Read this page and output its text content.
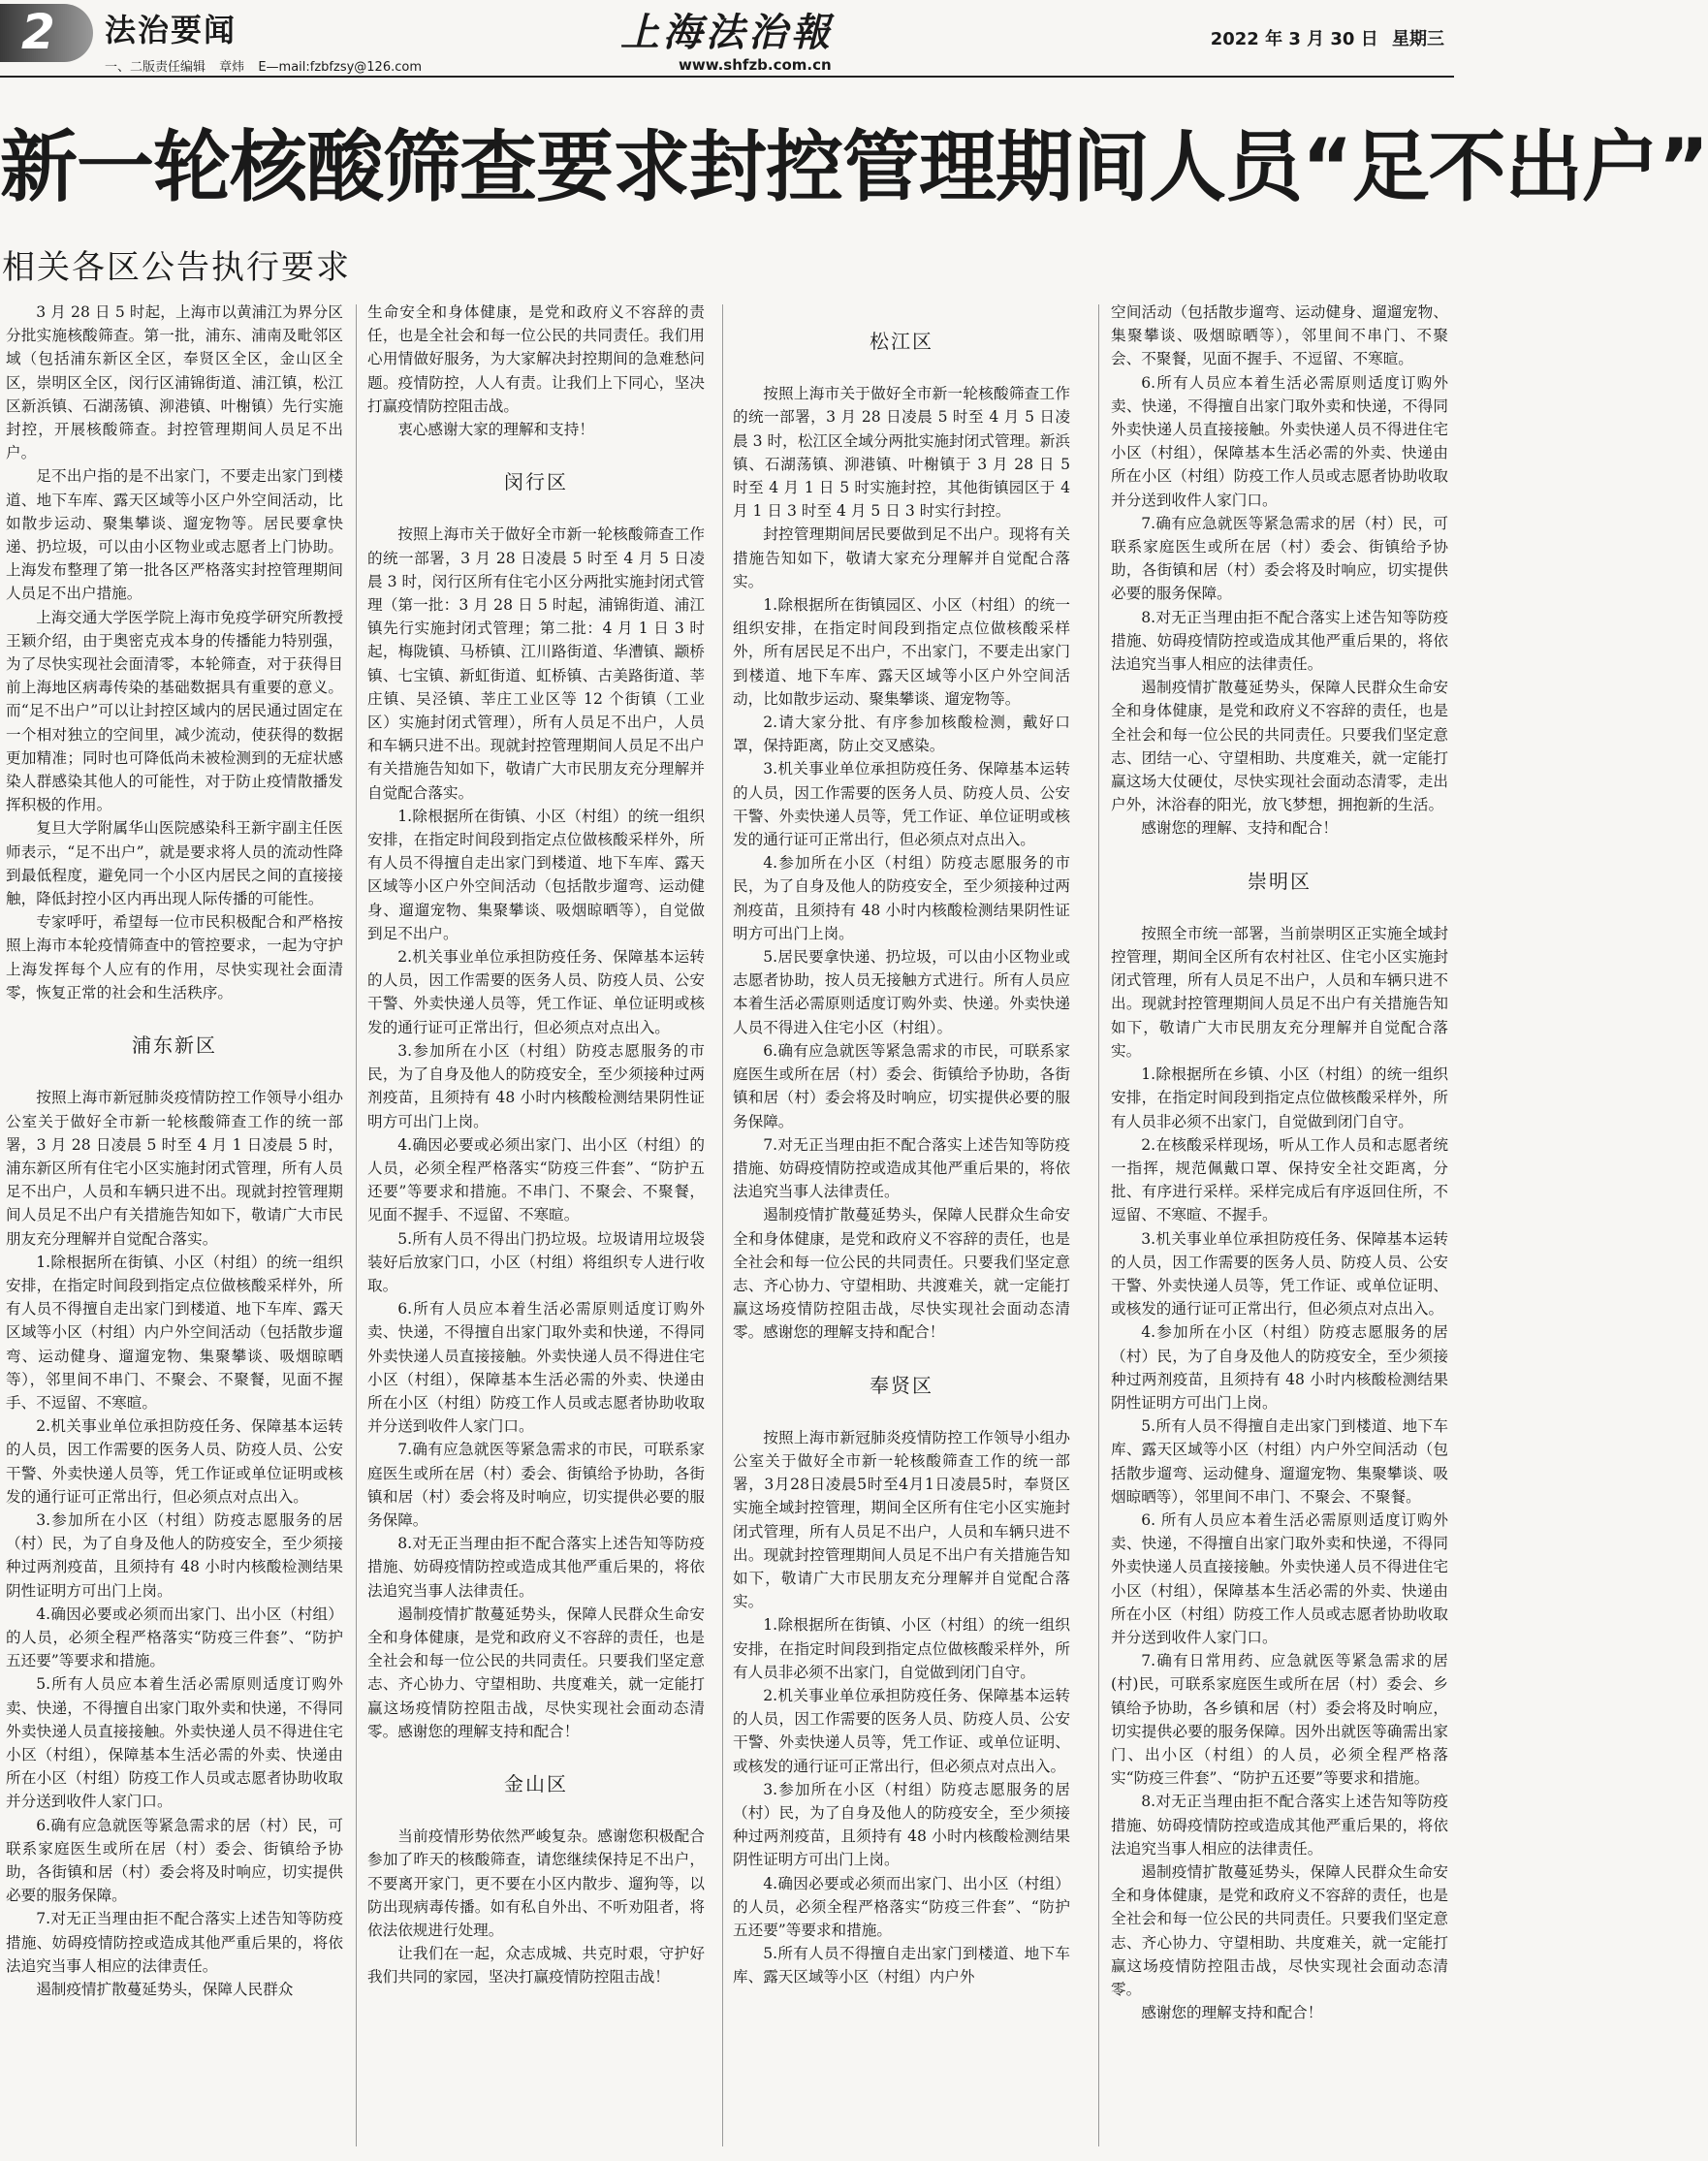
2 法治要闻
一、二版责任编辑 章炜 E—mail:fzbfzsy@126.com
上海法治報
www.shfzb.com.cn
2022 年 3 月 30 日 星期三
新一轮核酸筛查要求封控管理期间人员“足不出户”
相关各区公告执行要求

3 月 28 日 5 时起，上海市以黄浦江为界分区分批实施核酸筛查。第一批，浦东、浦南及毗邻区域（包括浦东新区全区，奉贤区全区，金山区全区，崇明区全区，闵行区浦锦街道、浦江镇，松江区新浜镇、石湖荡镇、泖港镇、叶榭镇）先行实施封控，开展核酸筛查。封控管理期间人员足不出户。

足不出户指的是不出家门，不要走出家门到楼道、地下车库、露天区域等小区户外空间活动，比如散步运动、聚集攀谈、遛宠物等。居民要拿快递、扔垃圾，可以由小区物业或志愿者上门协助。上海发布整理了第一批各区严格落实封控管理期间人员足不出户措施。

上海交通大学医学院上海市免疫学研究所教授王颖介绍，由于奥密克戎本身的传播能力特别强，为了尽快实现社会面清零，本轮筛查，对于获得目前上海地区病毒传染的基础数据具有重要的意义。而“足不出户”可以让封控区域内的居民通过固定在一个相对独立的空间里，减少流动，使获得的数据更加精准；同时也可降低尚未被检测到的无症状感染人群感染其他人的可能性，对于防止疫情散播发挥积极的作用。

复旦大学附属华山医院感染科王新宇副主任医师表示，“足不出户”，就是要求将人员的流动性降到最低程度，避免同一个小区内居民之间的直接接触，降低封控小区内再出现人际传播的可能性。

专家呼吁，希望每一位市民积极配合和严格按照上海市本轮疫情筛查中的管控要求，一起为守护上海发挥每个人应有的作用，尽快实现社会面清零，恢复正常的社会和生活秩序。

浦东新区

按照上海市新冠肺炎疫情防控工作领导小组办公室关于做好全市新一轮核酸筛查工作的统一部署，3 月 28 日凌晨 5 时至 4 月 1 日凌晨 5 时，浦东新区所有住宅小区实施封闭式管理，所有人员足不出户，人员和车辆只进不出。现就封控管理期间人员足不出户有关措施告知如下，敬请广大市民朋友充分理解并自觉配合落实。

1.除根据所在街镇、小区（村组）的统一组织安排，在指定时间段到指定点位做核酸采样外，所有人员不得擅自走出家门到楼道、地下车库、露天区域等小区（村组）内户外空间活动（包括散步遛弯、运动健身、遛遛宠物、集聚攀谈、吸烟晾晒等），邻里间不串门、不聚会、不聚餐，见面不握手、不逗留、不寒暄。

2.机关事业单位承担防疫任务、保障基本运转的人员，因工作需要的医务人员、防疫人员、公安干警、外卖快递人员等，凭工作证或单位证明或核发的通行证可正常出行，但必须点对点出入。

3.参加所在小区（村组）防疫志愿服务的居（村）民，为了自身及他人的防疫安全，至少须接种过两剂疫苗，且须持有 48 小时内核酸检测结果阴性证明方可出门上岗。

4.确因必要或必须而出家门、出小区（村组）的人员，必须全程严格落实“防疫三件套”、“防护五还要”等要求和措施。

5.所有人员应本着生活必需原则适度订购外卖、快递，不得擅自出家门取外卖和快递，不得同外卖快递人员直接接触。外卖快递人员不得进住宅小区（村组），保障基本生活必需的外卖、快递由所在小区（村组）防疫工作人员或志愿者协助收取并分送到收件人家门口。

6.确有应急就医等紧急需求的居（村）民，可联系家庭医生或所在居（村）委会、街镇给予协助，各街镇和居（村）委会将及时响应，切实提供必要的服务保障。

7.对无正当理由拒不配合落实上述告知等防疫措施、妨碍疫情防控或造成其他严重后果的，将依法追究当事人相应的法律责任。

遏制疫情扩散蔓延势头，保障人民群众

生命安全和身体健康，是党和政府义不容辞的责任，也是全社会和每一位公民的共同责任。我们用心用情做好服务，为大家解决封控期间的急难愁问题。疫情防控，人人有责。让我们上下同心，坚决打赢疫情防控阻击战。

衷心感谢大家的理解和支持！

闵行区

按照上海市关于做好全市新一轮核酸筛查工作的统一部署，3 月 28 日凌晨 5 时至 4 月 5 日凌晨 3 时，闵行区所有住宅小区分两批实施封闭式管理（第一批：3 月 28 日 5 时起，浦锦街道、浦江镇先行实施封闭式管理；第二批：4 月 1 日 3 时起，梅陇镇、马桥镇、江川路街道、华漕镇、颛桥镇、七宝镇、新虹街道、虹桥镇、古美路街道、莘庄镇、吴泾镇、莘庄工业区等 12 个街镇（工业区）实施封闭式管理），所有人员足不出户，人员和车辆只进不出。现就封控管理期间人员足不出户有关措施告知如下，敬请广大市民朋友充分理解并自觉配合落实。

1.除根据所在街镇、小区（村组）的统一组织安排，在指定时间段到指定点位做核酸采样外，所有人员不得擅自走出家门到楼道、地下车库、露天区域等小区户外空间活动（包括散步遛弯、运动健身、遛遛宠物、集聚攀谈、吸烟晾晒等），自觉做到足不出户。

2.机关事业单位承担防疫任务、保障基本运转的人员，因工作需要的医务人员、防疫人员、公安干警、外卖快递人员等，凭工作证、单位证明或核发的通行证可正常出行，但必须点对点出入。

3.参加所在小区（村组）防疫志愿服务的市民，为了自身及他人的防疫安全，至少须接种过两剂疫苗，且须持有 48 小时内核酸检测结果阴性证明方可出门上岗。

4.确因必要或必须出家门、出小区（村组）的人员，必须全程严格落实“防疫三件套”、“防护五还要”等要求和措施。不串门、不聚会、不聚餐，见面不握手、不逗留、不寒暄。

5.所有人员不得出门扔垃圾。垃圾请用垃圾袋装好后放家门口，小区（村组）将组织专人进行收取。

6.所有人员应本着生活必需原则适度订购外卖、快递，不得擅自出家门取外卖和快递，不得同外卖快递人员直接接触。外卖快递人员不得进住宅小区（村组），保障基本生活必需的外卖、快递由所在小区（村组）防疫工作人员或志愿者协助收取并分送到收件人家门口。

7.确有应急就医等紧急需求的市民，可联系家庭医生或所在居（村）委会、街镇给予协助，各街镇和居（村）委会将及时响应，切实提供必要的服务保障。

8.对无正当理由拒不配合落实上述告知等防疫措施、妨碍疫情防控或造成其他严重后果的，将依法追究当事人法律责任。

遏制疫情扩散蔓延势头，保障人民群众生命安全和身体健康，是党和政府义不容辞的责任，也是全社会和每一位公民的共同责任。只要我们坚定意志、齐心协力、守望相助、共度难关，就一定能打赢这场疫情防控阻击战，尽快实现社会面动态清零。感谢您的理解支持和配合！

金山区

当前疫情形势依然严峻复杂。感谢您积极配合参加了昨天的核酸筛查，请您继续保持足不出户，不要离开家门，更不要在小区内散步、遛狗等，以防出现病毒传播。如有私自外出、不听劝阻者，将依法依规进行处理。

让我们在一起，众志成城、共克时艰，守护好我们共同的家园，坚决打赢疫情防控阻击战！

松江区

按照上海市关于做好全市新一轮核酸筛查工作的统一部署，3 月 28 日凌晨 5 时至 4 月 5 日凌晨 3 时，松江区全域分两批实施封闭式管理。新浜镇、石湖荡镇、泖港镇、叶榭镇于 3 月 28 日 5 时至 4 月 1 日 5 时实施封控，其他街镇园区于 4 月 1 日 3 时至 4 月 5 日 3 时实行封控。

封控管理期间居民要做到足不出户。现将有关措施告知如下，敬请大家充分理解并自觉配合落实。

1.除根据所在街镇园区、小区（村组）的统一组织安排，在指定时间段到指定点位做核酸采样外，所有居民足不出户，不出家门，不要走出家门到楼道、地下车库、露天区域等小区户外空间活动，比如散步运动、聚集攀谈、遛宠物等。

2.请大家分批、有序参加核酸检测，戴好口罩，保持距离，防止交叉感染。

3.机关事业单位承担防疫任务、保障基本运转的人员，因工作需要的医务人员、防疫人员、公安干警、外卖快递人员等，凭工作证、单位证明或核发的通行证可正常出行，但必须点对点出入。

4.参加所在小区（村组）防疫志愿服务的市民，为了自身及他人的防疫安全，至少须接种过两剂疫苗，且须持有 48 小时内核酸检测结果阴性证明方可出门上岗。

5.居民要拿快递、扔垃圾，可以由小区物业或志愿者协助，按人员无接触方式进行。所有人员应本着生活必需原则适度订购外卖、快递。外卖快递人员不得进入住宅小区（村组）。

6.确有应急就医等紧急需求的市民，可联系家庭医生或所在居（村）委会、街镇给予协助，各街镇和居（村）委会将及时响应，切实提供必要的服务保障。

7.对无正当理由拒不配合落实上述告知等防疫措施、妨碍疫情防控或造成其他严重后果的，将依法追究当事人法律责任。

遏制疫情扩散蔓延势头，保障人民群众生命安全和身体健康，是党和政府义不容辞的责任，也是全社会和每一位公民的共同责任。只要我们坚定意志、齐心协力、守望相助、共渡难关，就一定能打赢这场疫情防控阻击战，尽快实现社会面动态清零。感谢您的理解支持和配合！

奉贤区

按照上海市新冠肺炎疫情防控工作领导小组办公室关于做好全市新一轮核酸筛查工作的统一部署，3月28日凌晨5时至4月1日凌晨5时，奉贤区实施全域封控管理，期间全区所有住宅小区实施封闭式管理，所有人员足不出户，人员和车辆只进不出。现就封控管理期间人员足不出户有关措施告知如下，敬请广大市民朋友充分理解并自觉配合落实。

1.除根据所在街镇、小区（村组）的统一组织安排，在指定时间段到指定点位做核酸采样外，所有人员非必须不出家门，自觉做到闭门自守。

2.机关事业单位承担防疫任务、保障基本运转的人员，因工作需要的医务人员、防疫人员、公安干警、外卖快递人员等，凭工作证、或单位证明、或核发的通行证可正常出行，但必须点对点出入。

3.参加所在小区（村组）防疫志愿服务的居（村）民，为了自身及他人的防疫安全，至少须接种过两剂疫苗，且须持有 48 小时内核酸检测结果阴性证明方可出门上岗。

4.确因必要或必须而出家门、出小区（村组）的人员，必须全程严格落实“防疫三件套”、“防护五还要”等要求和措施。

5.所有人员不得擅自走出家门到楼道、地下车库、露天区域等小区（村组）内户外

空间活动（包括散步遛弯、运动健身、遛遛宠物、集聚攀谈、吸烟晾晒等），邻里间不串门、不聚会、不聚餐，见面不握手、不逗留、不寒暄。

6.所有人员应本着生活必需原则适度订购外卖、快递，不得擅自出家门取外卖和快递，不得同外卖快递人员直接接触。外卖快递人员不得进住宅小区（村组），保障基本生活必需的外卖、快递由所在小区（村组）防疫工作人员或志愿者协助收取并分送到收件人家门口。

7.确有应急就医等紧急需求的居（村）民，可联系家庭医生或所在居（村）委会、街镇给予协助，各街镇和居（村）委会将及时响应，切实提供必要的服务保障。

8.对无正当理由拒不配合落实上述告知等防疫措施、妨碍疫情防控或造成其他严重后果的，将依法追究当事人相应的法律责任。

遏制疫情扩散蔓延势头，保障人民群众生命安全和身体健康，是党和政府义不容辞的责任，也是全社会和每一位公民的共同责任。只要我们坚定意志、团结一心、守望相助、共度难关，就一定能打赢这场大仗硬仗，尽快实现社会面动态清零，走出户外，沐浴春的阳光，放飞梦想，拥抱新的生活。

感谢您的理解、支持和配合！

崇明区

按照全市统一部署，当前崇明区正实施全域封控管理，期间全区所有农村社区、住宅小区实施封闭式管理，所有人员足不出户，人员和车辆只进不出。现就封控管理期间人员足不出户有关措施告知如下，敬请广大市民朋友充分理解并自觉配合落实。

1.除根据所在乡镇、小区（村组）的统一组织安排，在指定时间段到指定点位做核酸采样外，所有人员非必须不出家门，自觉做到闭门自守。

2.在核酸采样现场，听从工作人员和志愿者统一指挥，规范佩戴口罩、保持安全社交距离，分批、有序进行采样。采样完成后有序返回住所，不逗留、不寒暄、不握手。

3.机关事业单位承担防疫任务、保障基本运转的人员，因工作需要的医务人员、防疫人员、公安干警、外卖快递人员等，凭工作证、或单位证明、或核发的通行证可正常出行，但必须点对点出入。

4.参加所在小区（村组）防疫志愿服务的居（村）民，为了自身及他人的防疫安全，至少须接种过两剂疫苗，且须持有 48 小时内核酸检测结果阴性证明方可出门上岗。

5.所有人员不得擅自走出家门到楼道、地下车库、露天区域等小区（村组）内户外空间活动（包括散步遛弯、运动健身、遛遛宠物、集聚攀谈、吸烟晾晒等），邻里间不串门、不聚会、不聚餐。

6. 所有人员应本着生活必需原则适度订购外卖、快递，不得擅自出家门取外卖和快递，不得同外卖快递人员直接接触。外卖快递人员不得进住宅小区（村组），保障基本生活必需的外卖、快递由所在小区（村组）防疫工作人员或志愿者协助收取并分送到收件人家门口。

7.确有日常用药、应急就医等紧急需求的居(村)民，可联系家庭医生或所在居（村）委会、乡镇给予协助，各乡镇和居（村）委会将及时响应，切实提供必要的服务保障。因外出就医等确需出家门、出小区（村组）的人员，必须全程严格落实“防疫三件套”、“防护五还要”等要求和措施。

8.对无正当理由拒不配合落实上述告知等防疫措施、妨碍疫情防控或造成其他严重后果的，将依法追究当事人相应的法律责任。

遏制疫情扩散蔓延势头，保障人民群众生命安全和身体健康，是党和政府义不容辞的责任，也是全社会和每一位公民的共同责任。只要我们坚定意志、齐心协力、守望相助、共度难关，就一定能打赢这场疫情防控阻击战，尽快实现社会面动态清零。

感谢您的理解支持和配合！
